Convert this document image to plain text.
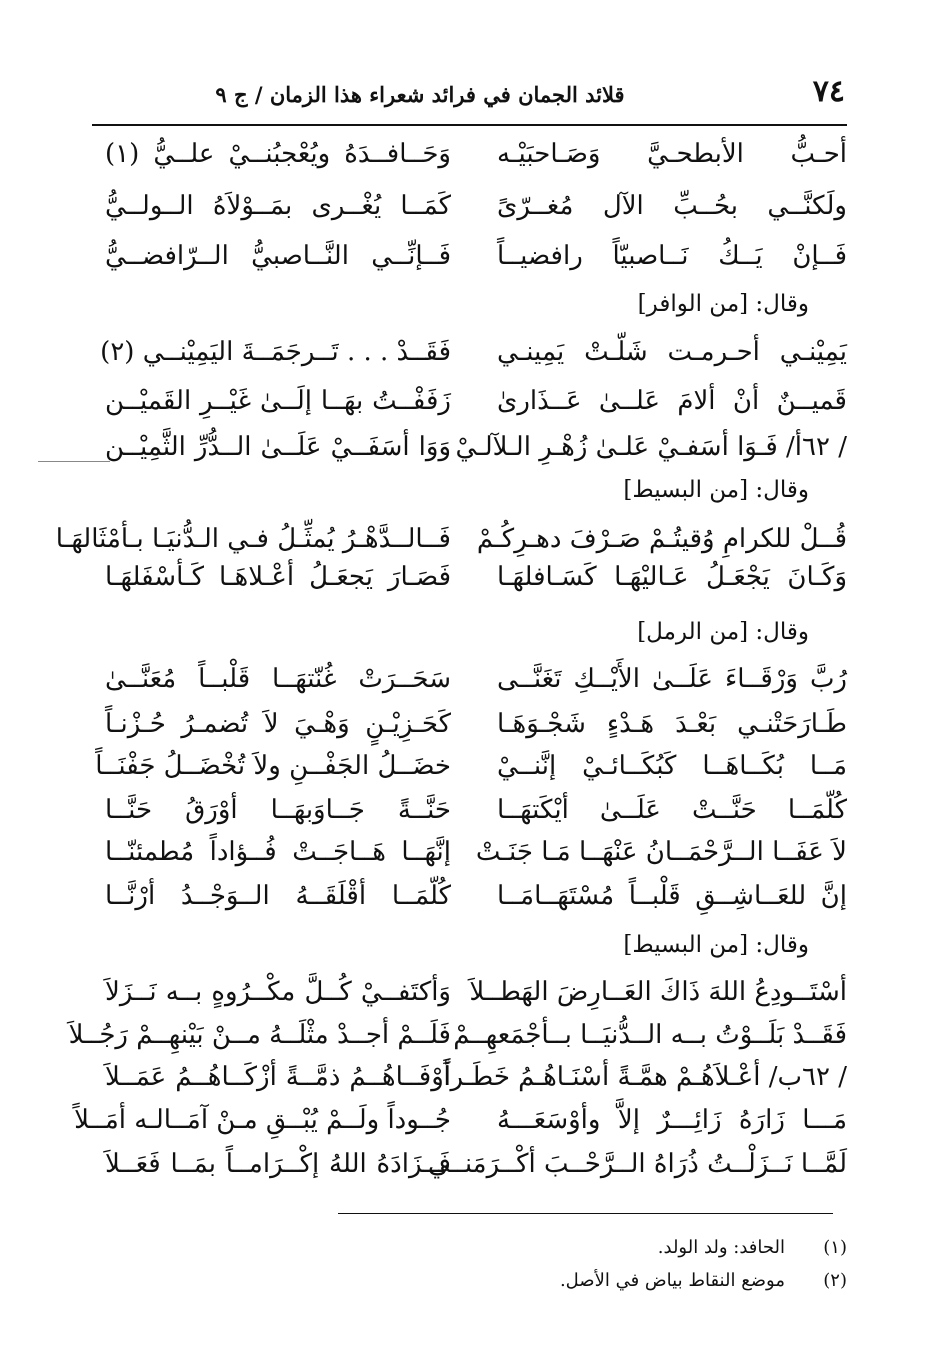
٧٤
قلائد الجمان في فرائد شعراء هذا الزمان / ج ٩
أحـبُّ الأبطحـيَّ وَصَـاحبَيْـه
وَحَــافــدَهُ ويُعْجبُنــيْ علــيُّ (١)
ولَكنَّــي بحُــبِّ الآل مُغــرّىً
كَمَــا يُغْــرى بمَــوْلاَهُ الــولــيُّ
فَــإنْ يَــكُ نَــاصبيّاً رافضيــاً
فَــإنِّــي النَّــاصبيُّ الــرّافضــيُّ
وقال: [من الوافر]
يَمِيْنـي أحـرمـت شَلّـتْ يَمِينـي
فَقَــدْ . . . تَــرجَمَــةَ اليَمِيْنــي (٢)
قَميــنٌ أنْ ألامَ عَلــىٰ عَــذَارىٰ
زَفَفْــتُ بهَــا إلَــىٰ غَيْــرِ القَميْــن
/ ٦٢أ/ فَـوَا أسَفـيْ عَلـىٰ زُهْـرِ الـلآلـيْ
وَوَا أسَفَــيْ عَلَــىٰ الــدُّرِّ الثَّمِيْــن
وقال: [من البسيط]
قُــلْ للكرامِ وُقيتُـمْ صَـرْفَ دهـرِكُـمْ
فَــالــدَّهْـرُ يُمثِّـلُ فـي الـدُّنيَـا بـأمْثَالهَـا
وَكَـانَ يَجْعَـلُ عَـاليْهَـا كَسَـافلهَـا
فَصَـارَ يَجعَـلُ أعْـلاهَـا كَـأسْفَلهَـا
وقال: [من الرمل]
رُبَّ وَرْقَــاءَ عَلَــىٰ الأَيْــكِ تَغَنَّــى
سَحَــرَتْ غُنّتهَــا قَلْبــاً مُعَنَّــىٰ
طَـارَحَتْنـي بَعْـدَ هَـدْءٍ شَجْـوَهَـا
كَحَـزِيْـنٍ وَهْـيَ لاَ تُضمـرُ حُـزْنـاً
مَــا بُكَــاهَــا كَبُكَــائـيْ إنَّنــيْ
خضَــلُ الجَفْــنِ ولاَ تُخْضَــلُ جَفْنَــاً
كُلّمَــا حَنَّــتْ عَلَــىٰ أيْكَتهَــا
حَنَّــةً جَــاوَبهَــا أوْرَقُ حَنَّــا
لاَ عَفَــا الــرَّحْمَــانُ عَنْهَــا مَـا جَنَـتْ
إنَّهَــا هَــاجَــتْ فُــؤاداً مُطمئنّــا
إنَّ للعَــاشِــقِ قَلْبــاً مُسْتَهَــامَــا
كُلّمَــا أقْلَقَــهُ الــوَجْــدُ أرْنَّــا
وقال: [من البسيط]
أسْتَــودِعُ اللهَ ذَاكَ العَــارِضَ الهَطــلاَ
وَأكتَفــيْ كُــلَّ مكْــرُوهٍ بــه نَــزَلاَ
فَقَــدْ بَلَــوْتُ بــه الــدُّنيَــا بــأجْمَعهِــمْ
فَلَــمْ أجــدْ مثْلَــهُ مــنْ بَيْنهِــمْ رَجُــلاَ
/ ٦٢ب/ أعْـلاَهُـمْ همَّـةً أسْنَـاهُـمُ خَطَـراً
أوْفَــاهُــمُ ذمَّــةً أزْكَــاهُــمُ عَمَــلاَ
مَـــا زَارَهُ زَائِـــرٌ إلاَّ وأوْسَعَـــهُ
جُــوداً ولَــمْ يُبْــقِ مـنْ آمَــالـه أمَــلاً
لَمَّــا نَــزَلْــتُ ذُرَاهُ الــرَّحْــبَ أكْــرَمَنــي
فَــزَادَهُ اللهُ إكْــرَامــاً بمَــا فَعَــلاَ
(١)الحافد: ولد الولد.
(٢)موضع النقاط بياض في الأصل.
